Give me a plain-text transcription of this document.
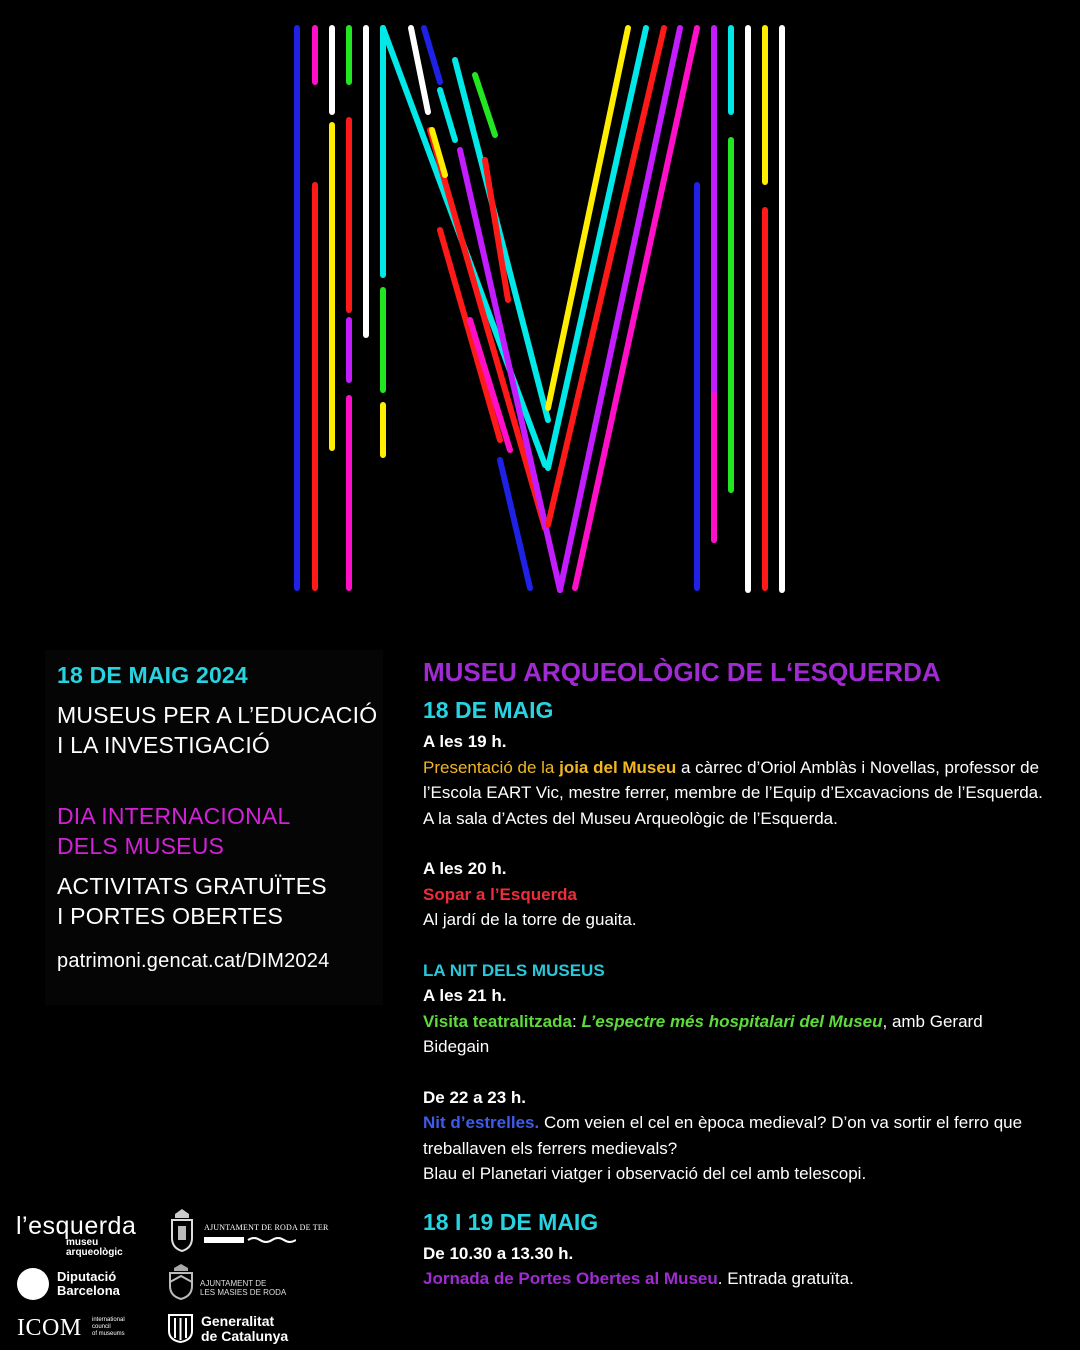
18 DE MAIG 2024
MUSEUS PER A L’EDUCACIÓ
I LA INVESTIGACIÓ
DIA INTERNACIONAL
DELS MUSEUS
ACTIVITATS GRATUÏTES
I PORTES OBERTES
patrimoni.gencat.cat/DIM2024

MUSEU ARQUEOLÒGIC DE L‘ESQUERDA

18 DE MAIG

A les 19 h.

Presentació de la joia del Museu a càrrec d’Oriol Amblàs i Novellas, professor de l’Escola EART Vic, mestre ferrer, membre de l’Equip d’Excavacions de l’Esquerda.

A la sala d’Actes del Museu Arqueològic de l’Esquerda.

A les 20 h.

Sopar a l’Esquerda

Al jardí de la torre de guaita.

LA NIT DELS MUSEUS

A les 21 h.

Visita teatralitzada: L’espectre més hospitalari del Museu, amb Gerard Bidegain

De 22 a 23 h.

Nit d’estrelles. Com veien el cel en època medieval? D’on va sortir el ferro que treballaven els ferrers medievals?

Blau el Planetari viatger i observació del cel amb telescopi.

18 I 19 DE MAIG

De 10.30 a 13.30 h.

Jornada de Portes Obertes al Museu. Entrada gratuïta.

l’esquerda
museu
arqueològic
Diputació
Barcelona
ICOM international
council
of museums
AJUNTAMENT DE RODA DE TER
AJUNTAMENT DE
LES MASIES DE RODA
Generalitat
de Catalunya
